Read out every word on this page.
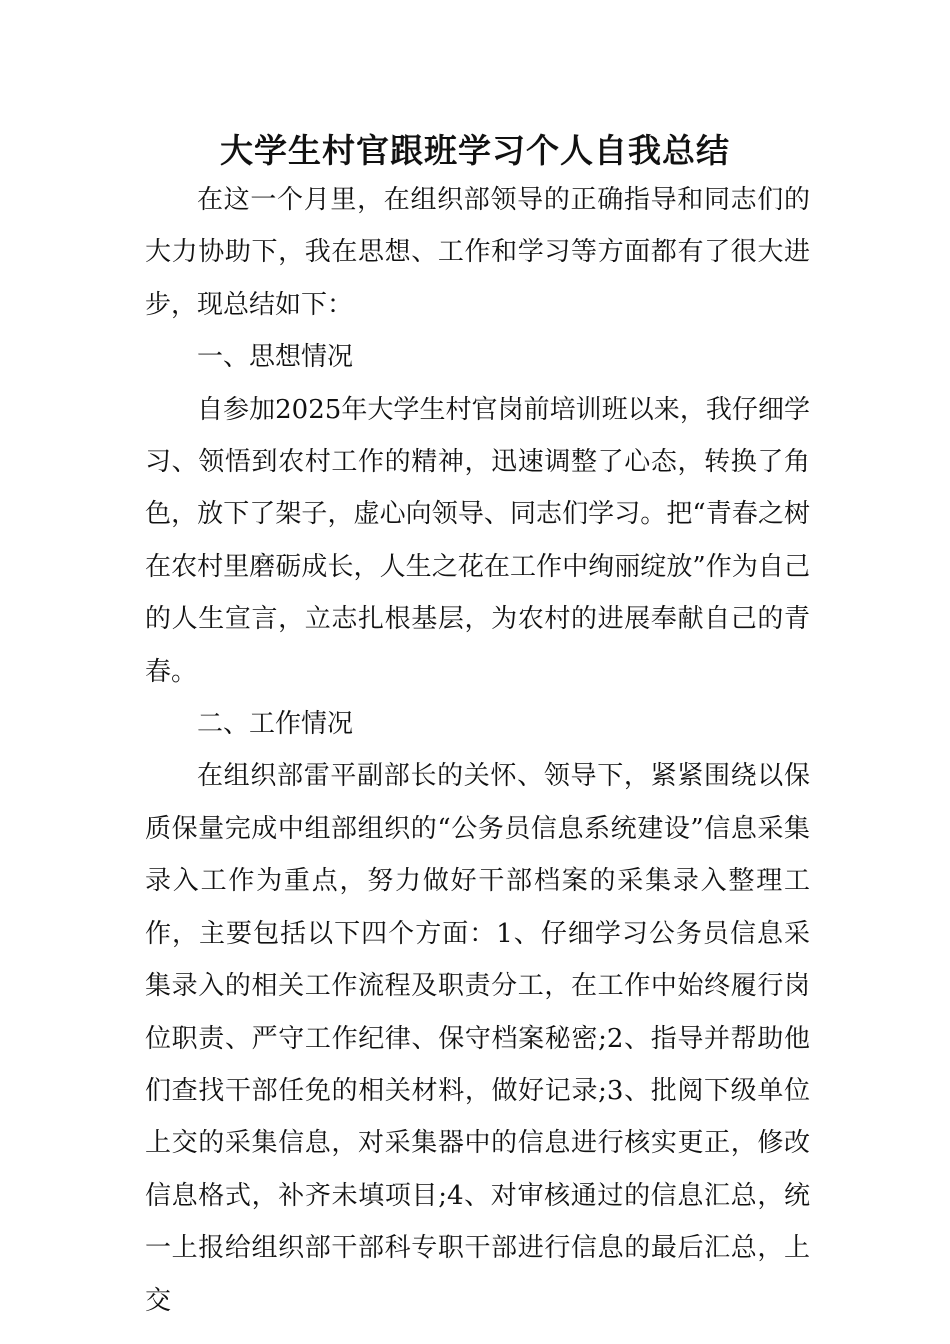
大学生村官跟班学习个人自我总结

在这一个月里，在组织部领导的正确指导和同志们的大力协助下，我在思想、工作和学习等方面都有了很大进步，现总结如下：

一、思想情况

自参加2025年大学生村官岗前培训班以来，我仔细学习、领悟到农村工作的精神，迅速调整了心态，转换了角色，放下了架子，虚心向领导、同志们学习。把“青春之树在农村里磨砺成长，人生之花在工作中绚丽绽放”作为自己的人生宣言，立志扎根基层，为农村的进展奉献自己的青春。

二、工作情况

在组织部雷平副部长的关怀、领导下，紧紧围绕以保质保量完成中组部组织的“公务员信息系统建设”信息采集录入工作为重点，努力做好干部档案的采集录入整理工作，主要包括以下四个方面：1、仔细学习公务员信息采集录入的相关工作流程及职责分工，在工作中始终履行岗位职责、严守工作纪律、保守档案秘密;2、指导并帮助他们查找干部任免的相关材料，做好记录;3、批阅下级单位上交的采集信息，对采集器中的信息进行核实更正，修改信息格式，补齐未填项目;4、对审核通过的信息汇总，统一上报给组织部干部科专职干部进行信息的最后汇总，上交
